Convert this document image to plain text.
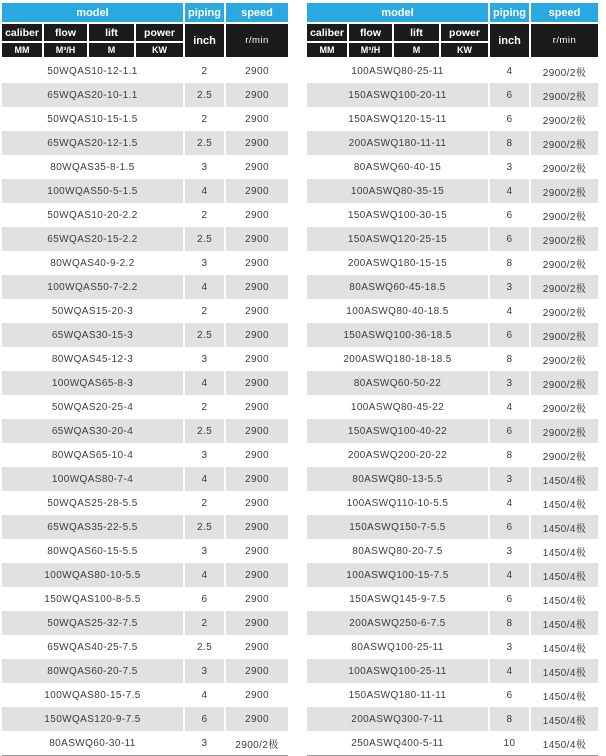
model	piping	speed
caliber	flow	lift	power
inch	r/min
MM	M³/H	M	KW
50WQAS10-12-1.1	2	2900
65WQAS20-10-1.1	2.5	2900
50WQAS10-15-1.5	2	2900
65WQAS20-12-1.5	2.5	2900
80WQAS35-8-1.5	3	2900
100WQAS50-5-1.5	4	2900
50WQAS10-20-2.2	2	2900
65WQAS20-15-2.2	2.5	2900
80WQAS40-9-2.2	3	2900
100WQAS50-7-2.2	4	2900
50WQAS15-20-3	2	2900
65WQAS30-15-3	2.5	2900
80WQAS45-12-3	3	2900
100WQAS65-8-3	4	2900
50WQAS20-25-4	2	2900
65WQAS30-20-4	2.5	2900
80WQAS65-10-4	3	2900
100WQAS80-7-4	4	2900
50WQAS25-28-5.5	2	2900
65WQAS35-22-5.5	2.5	2900
80WQAS60-15-5.5	3	2900
100WQAS80-10-5.5	4	2900
150WQAS100-8-5.5	6	2900
50WQAS25-32-7.5	2	2900
65WQAS40-25-7.5	2.5	2900
80WQAS60-20-7.5	3	2900
100WQAS80-15-7.5	4	2900
150WQAS120-9-7.5	6	2900
80ASWQ60-30-11	3	2900/2极
model	piping	speed
caliber	flow	lift	power
inch	r/min
MM	M³/H	M	KW
100ASWQ80-25-11	4	2900/2极
150ASWQ100-20-11	6	2900/2极
150ASWQ120-15-11	6	2900/2极
200ASWQ180-11-11	8	2900/2极
80ASWQ60-40-15	3	2900/2极
100ASWQ80-35-15	4	2900/2极
150ASWQ100-30-15	6	2900/2极
150ASWQ120-25-15	6	2900/2极
200ASWQ180-15-15	8	2900/2极
80ASWQ60-45-18.5	3	2900/2极
100ASWQ80-40-18.5	4	2900/2极
150ASWQ100-36-18.5	6	2900/2极
200ASWQ180-18-18.5	8	2900/2极
80ASWQ60-50-22	3	2900/2极
100ASWQ80-45-22	4	2900/2极
150ASWQ100-40-22	6	2900/2极
200ASWQ200-20-22	8	2900/2极
80ASWQ80-13-5.5	3	1450/4极
100ASWQ110-10-5.5	4	1450/4极
150ASWQ150-7-5.5	6	1450/4极
80ASWQ80-20-7.5	3	1450/4极
100ASWQ100-15-7.5	4	1450/4极
150ASWQ145-9-7.5	6	1450/4极
200ASWQ250-6-7.5	8	1450/4极
80ASWQ100-25-11	3	1450/4极
100ASWQ100-25-11	4	1450/4极
150ASWQ180-11-11	6	1450/4极
200ASWQ300-7-11	8	1450/4极
250ASWQ400-5-11	10	1450/4极
